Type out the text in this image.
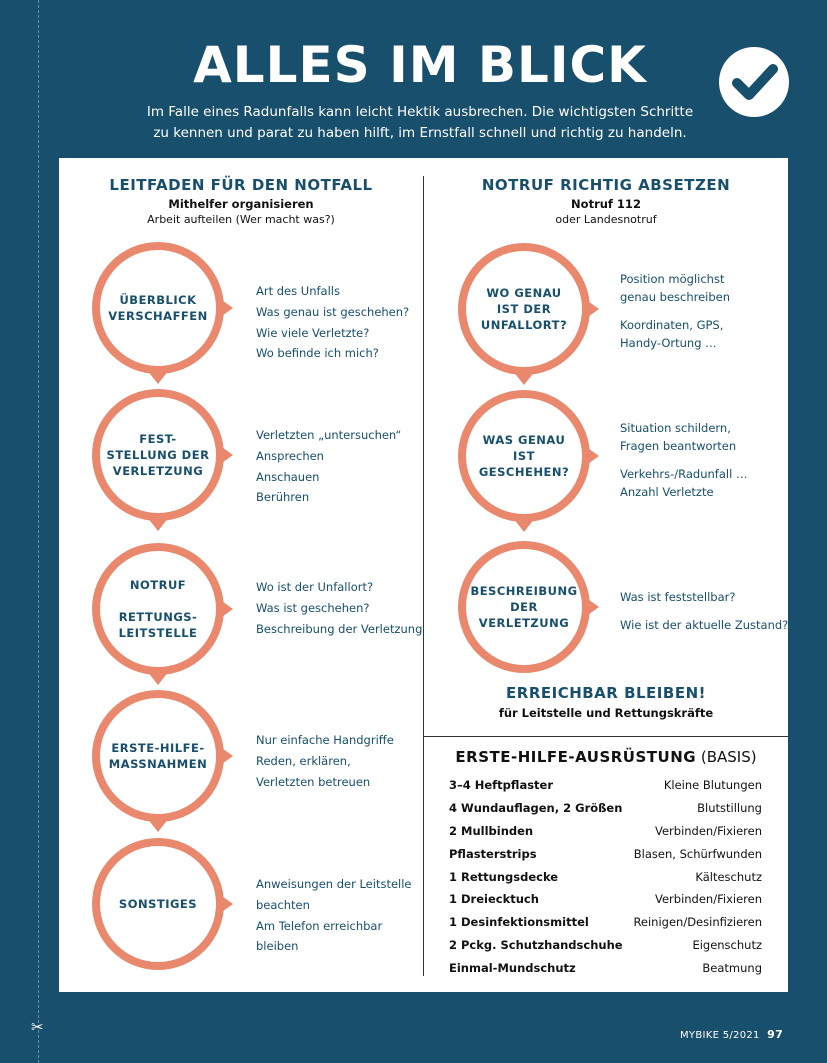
✂
ALLES IM BLICK
Im Falle eines Radunfalls kann leicht Hektik ausbrechen. Die wichtigsten Schritte
zu kennen und parat zu haben hilft, im Ernstfall schnell und richtig zu handeln.
LEITFADEN FÜR DEN NOTFALL
Mithelfer organisieren
Arbeit aufteilen (Wer macht was?)
NOTRUF RICHTIG ABSETZEN
Notruf 112
oder Landesnotruf
ÜBERBLICK
VERSCHAFFEN
Art des Unfalls
Was genau ist geschehen?
Wie viele Verletzte?
Wo befinde ich mich?
FEST-
STELLUNG DER
VERLETZUNG
Verletzten „untersuchen“
Ansprechen
Anschauen
Berühren
NOTRUF

RETTUNGS-
LEITSTELLE
Wo ist der Unfallort?
Was ist geschehen?
Beschreibung der Verletzung
ERSTE-HILFE-
MASSNAHMEN
Nur einfache Handgriffe
Reden, erklären,
Verletzten betreuen
SONSTIGES
Anweisungen der Leitstelle
beachten
Am Telefon erreichbar
bleiben
WO GENAU
IST DER
UNFALLORT?
Position möglichst
genau beschreiben
Koordinaten, GPS,
Handy-Ortung …
WAS GENAU
IST
GESCHEHEN?
Situation schildern,
Fragen beantworten
Verkehrs-/Radunfall …
Anzahl Verletzte
BESCHREIBUNG
DER
VERLETZUNG
Was ist feststellbar?
Wie ist der aktuelle Zustand?
ERREICHBAR BLEIBEN!

für Leitstelle und Rettungskräfte

ERSTE-HILFE-AUSRÜSTUNG (BASIS)
3–4 Heftpflaster	Kleine Blutungen
4 Wundauflagen, 2 Größen	Blutstillung
2 Mullbinden	Verbinden/Fixieren
Pflasterstrips	Blasen, Schürfwunden
1 Rettungsdecke	Kälteschutz
1 Dreiecktuch	Verbinden/Fixieren
1 Desinfektionsmittel	Reinigen/Desinfizieren
2 Pckg. Schutzhandschuhe	Eigenschutz
Einmal-Mundschutz	Beatmung
MYBIKE 5/2021 97
